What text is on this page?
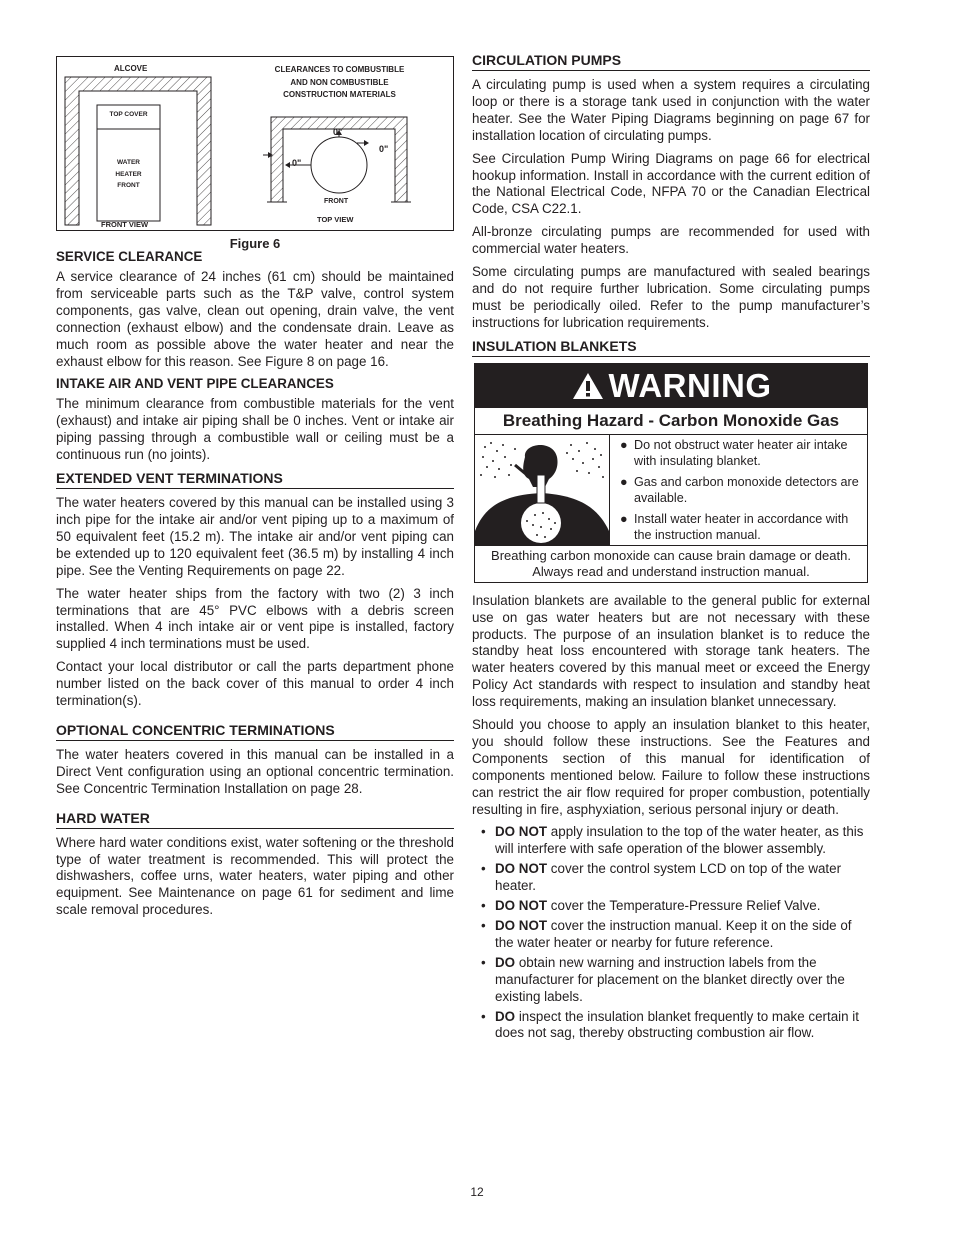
ALCOVE	CLEARANCES TO COMBUSTIBLE
AND NON COMBUSTIBLE
CONSTRUCTION MATERIALS
TOP COVER
WATER
HEATER
FRONT
FRONT VIEW
TOP VIEW
FRONT
0"
0"
0"
Figure 6
SERVICE CLEARANCE

A service clearance of 24 inches (61 cm) should be maintained from serviceable parts such as the T&P valve, control system components, gas valve, clean out opening, drain valve, the vent connection (exhaust elbow) and the condensate drain. Leave as much room as possible above the water heater and near the exhaust elbow for this reason. See Figure 8 on page 16.

INTAKE AIR AND VENT PIPE CLEARANCES

The minimum clearance from combustible materials for the vent (exhaust) and intake air piping shall be 0 inches. Vent or intake air piping passing through a combustible wall or ceiling must be a continuous run (no joints).

EXTENDED VENT TERMINATIONS

The water heaters covered by this manual can be installed using 3 inch pipe for the intake air and/or vent piping up to a maximum of 50 equivalent feet (15.2 m). The intake air and/or vent piping can be extended up to 120 equivalent feet (36.5 m) by installing 4 inch pipe. See the Venting Requirements on page 22.

The water heater ships from the factory with two (2) 3 inch terminations that are 45° PVC elbows with a debris screen installed. When 4 inch intake air or vent pipe is installed, factory supplied 4 inch terminations must be used.

Contact your local distributor or call the parts department phone number listed on the back cover of this manual to order 4 inch termination(s).

OPTIONAL CONCENTRIC TERMINATIONS

The water heaters covered in this manual can be installed in a Direct Vent configuration using an optional concentric termination. See Concentric Termination Installation on page 28.

HARD WATER

Where hard water conditions exist, water softening or the threshold type of water treatment is recommended. This will protect the dishwashers, coffee urns, water heaters, water piping and other equipment. See Maintenance on page 61 for sediment and lime scale removal procedures.

CIRCULATION PUMPS

A circulating pump is used when a system requires a circulating loop or there is a storage tank used in conjunction with the water heater. See the Water Piping Diagrams beginning on page 67 for installation location of circulating pumps.

See Circulation Pump Wiring Diagrams on page 66 for electrical hookup information. Install in accordance with the current edition of the National Electrical Code, NFPA 70 or the Canadian Electrical Code, CSA C22.1.

All-bronze circulating pumps are recommended for used with commercial water heaters.

Some circulating pumps are manufactured with sealed bearings and do not require further lubrication. Some circulating pumps must be periodically oiled. Refer to the pump manufacturer’s instructions for lubrication requirements.

INSULATION BLANKETS
WARNING
Breathing Hazard - Carbon Monoxide Gas
● Do not obstruct water heater air intake with insulating blanket.
● Gas and carbon monoxide detectors are available.
● Install water heater in accordance with the instruction manual.
Breathing carbon monoxide can cause brain damage or death. Always read and understand instruction manual.

Insulation blankets are available to the general public for external use on gas water heaters but are not necessary with these products. The purpose of an insulation blanket is to reduce the standby heat loss encountered with storage tank heaters. The water heaters covered by this manual meet or exceed the Energy Policy Act standards with respect to insulation and standby heat loss requirements, making an insulation blanket unnecessary.

Should you choose to apply an insulation blanket to this heater, you should follow these instructions. See the Features and Components section of this manual for identification of components mentioned below. Failure to follow these instructions can restrict the air flow required for proper combustion, potentially resulting in fire, asphyxiation, serious personal injury or death.

• DO NOT apply insulation to the top of the water heater, as this will interfere with safe operation of the blower assembly.
• DO NOT cover the control system LCD on top of the water heater.
• DO NOT cover the Temperature-Pressure Relief Valve.
• DO NOT cover the instruction manual. Keep it on the side of the water heater or nearby for future reference.
• DO obtain new warning and instruction labels from the manufacturer for placement on the blanket directly over the existing labels.
• DO inspect the insulation blanket frequently to make certain it does not sag, thereby obstructing combustion air flow.
12
